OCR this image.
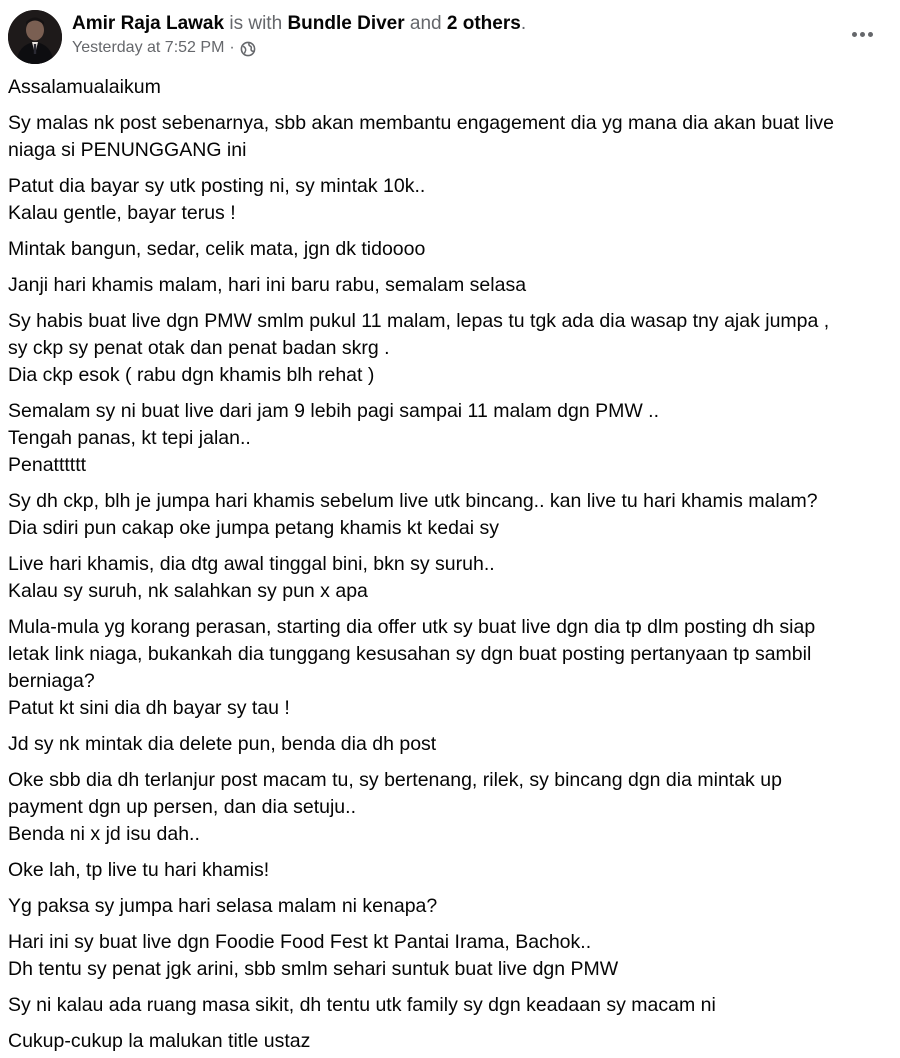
Amir Raja Lawak is with Bundle Diver and 2 others.
Yesterday at 7:52 PM ·
Assalamualaikum
Sy malas nk post sebenarnya, sbb akan membantu engagement dia yg mana dia akan buat live
niaga si PENUNGGANG ini
Patut dia bayar sy utk posting ni, sy mintak 10k..
Kalau gentle, bayar terus !
Mintak bangun, sedar, celik mata, jgn dk tidoooo
Janji hari khamis malam, hari ini baru rabu, semalam selasa
Sy habis buat live dgn PMW smlm pukul 11 malam, lepas tu tgk ada dia wasap tny ajak jumpa ,
sy ckp sy penat otak dan penat badan skrg .
Dia ckp esok ( rabu dgn khamis blh rehat )
Semalam sy ni buat live dari jam 9 lebih pagi sampai 11 malam dgn PMW ..
Tengah panas, kt tepi jalan..
Penatttttt
Sy dh ckp, blh je jumpa hari khamis sebelum live utk bincang.. kan live tu hari khamis malam?
Dia sdiri pun cakap oke jumpa petang khamis kt kedai sy
Live hari khamis, dia dtg awal tinggal bini, bkn sy suruh..
Kalau sy suruh, nk salahkan sy pun x apa
Mula-mula yg korang perasan, starting dia offer utk sy buat live dgn dia tp dlm posting dh siap
letak link niaga, bukankah dia tunggang kesusahan sy dgn buat posting pertanyaan tp sambil
berniaga?
Patut kt sini dia dh bayar sy tau !
Jd sy nk mintak dia delete pun, benda dia dh post
Oke sbb dia dh terlanjur post macam tu, sy bertenang, rilek, sy bincang dgn dia mintak up
payment dgn up persen, dan dia setuju..
Benda ni x jd isu dah..
Oke lah, tp live tu hari khamis!
Yg paksa sy jumpa hari selasa malam ni kenapa?
Hari ini sy buat live dgn Foodie Food Fest kt Pantai Irama, Bachok..
Dh tentu sy penat jgk arini, sbb smlm sehari suntuk buat live dgn PMW
Sy ni kalau ada ruang masa sikit, dh tentu utk family sy dgn keadaan sy macam ni
Cukup-cukup la malukan title ustaz
